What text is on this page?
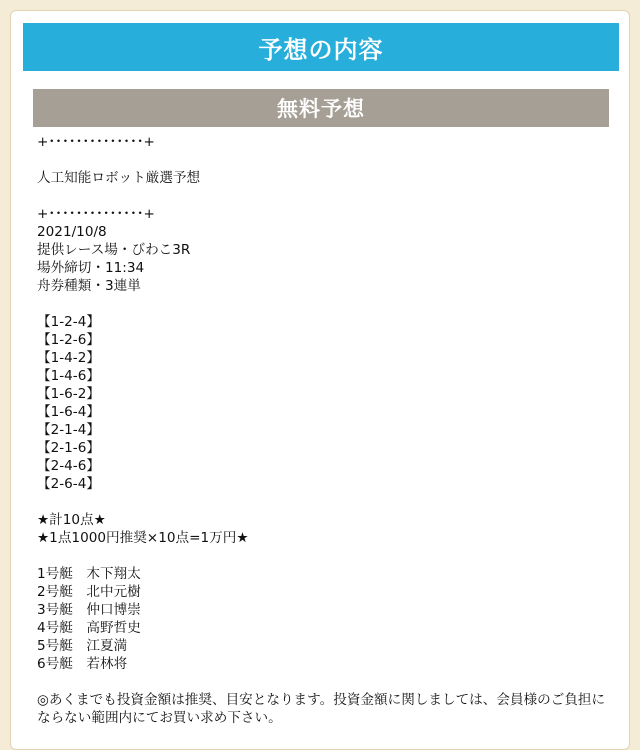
予想の内容
無料予想
+･･････････････+
人工知能ロボット厳選予想
+･･････････････+
2021/10/8
提供レース場・びわこ3R
場外締切・11:34
舟券種類・3連単
【1-2-4】
【1-2-6】
【1-4-2】
【1-4-6】
【1-6-2】
【1-6-4】
【2-1-4】
【2-1-6】
【2-4-6】
【2-6-4】
★計10点★
★1点1000円推奨×10点=1万円★
1号艇　木下翔太
2号艇　北中元樹
3号艇　仲口博崇
4号艇　高野哲史
5号艇　江夏満
6号艇　若林将
◎あくまでも投資金額は推奨、目安となります。投資金額に関しましては、会員様のご負担にならない範囲内にてお買い求め下さい。
